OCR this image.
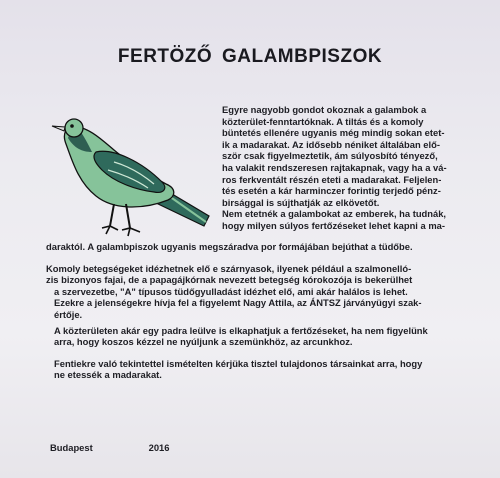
FERTÖZŐ GALAMBPISZOK

Egyre nagyobb gondot okoznak a galambok a

közterület-fenntartóknak. A tiltás és a komoly

büntetés ellenére ugyanis még mindig sokan etet-

ik a madarakat. Az idősebb néniket általában elő-

ször csak figyelmeztetik, ám súlyosbító tényező,

ha valakit rendszeresen rajtakapnak, vagy ha a vá-

ros ferkventált részén eteti a madarakat. Feljelen-

tés esetén a kár harminczer forintig terjedő pénz-

birsággal is sújthatják az elkövetőt.

Nem etetnék a galambokat az emberek, ha tudnák,

hogy milyen súlyos fertőzéseket lehet kapni a ma-

daraktól. A galambpiszok ugyanis megszáradva por formájában bejúthat a tüdőbe.

Komoly betegségeket idézhetnek elő e szárnyasok, ilyenek például a szalmonelló-

zis bizonyos fajai, de a papagájkórnak nevezett betegség kórokozója is bekerülhet

a szervezetbe, "A" típusos tüdőgyulladást idézhet elő, ami akár halálos is lehet.

Ezekre a jelenségekre hívja fel a figyelemt Nagy Attila, az ÁNTSZ járványügyi szak-

értője.

A közterületen akár egy padra leülve is elkaphatjuk a fertőzéseket, ha nem figyelünk

arra, hogy koszos kézzel ne nyúljunk a szemünkhöz, az arcunkhoz.

Fentiekre való tekintettel ismételten kérjüka tisztel tulajdonos társainkat arra, hogy

ne etessék a madarakat.

Budapest	2016
